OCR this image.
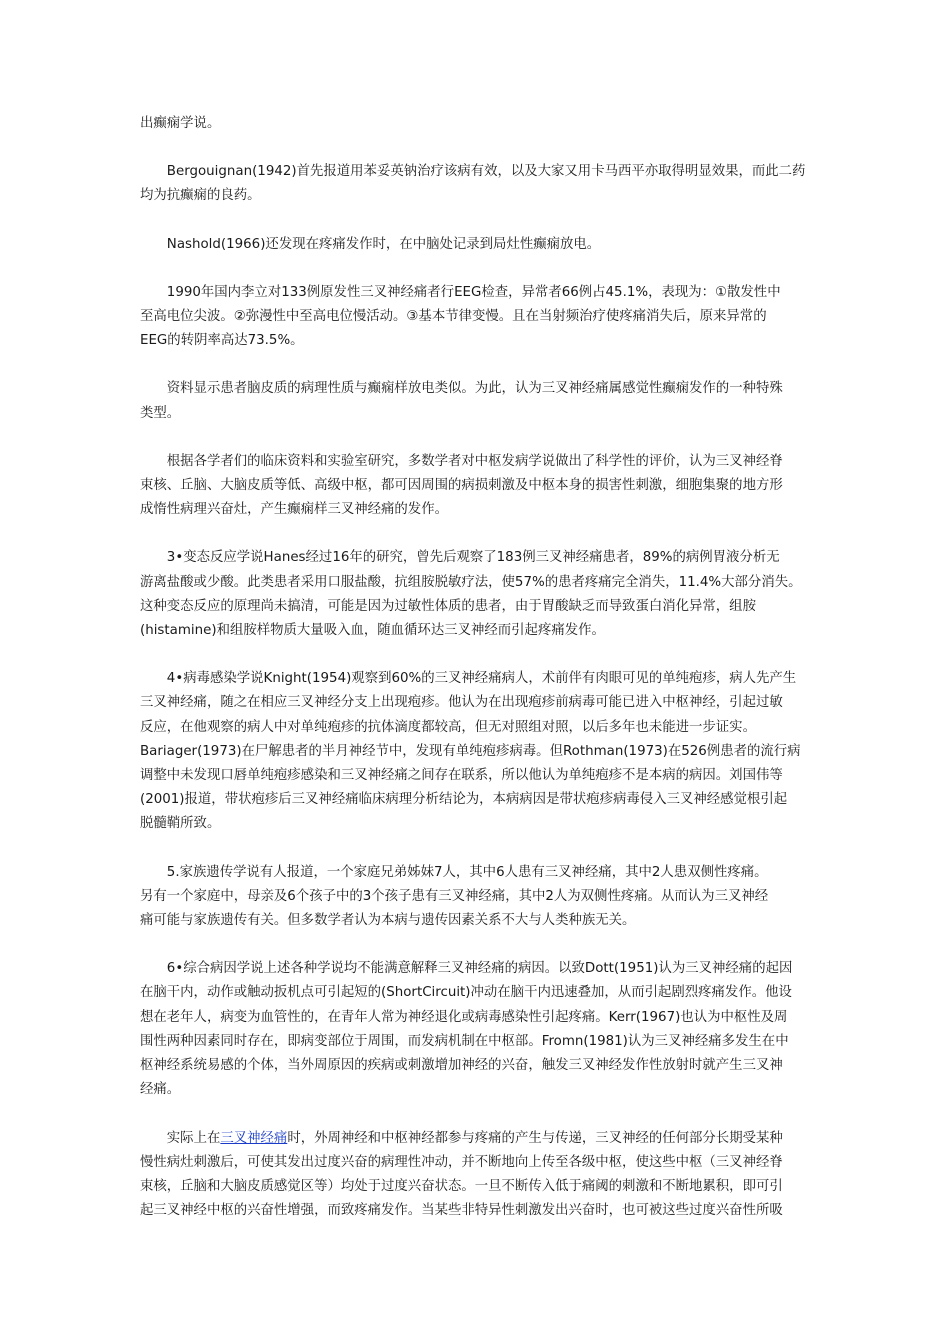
出癫痫学说。

Bergouignan(1942)首先报道用苯妥英钠治疗该病有效，以及大家又用卡马西平亦取得明显效果，而此二药
均为抗癫痫的良药。

Nashold(1966)还发现在疼痛发作时，在中脑处记录到局灶性癫痫放电。

1990年国内李立对133例原发性三叉神经痛者行EEG检查，异常者66例占45.1%，表现为：①散发性中
至高电位尖波。②弥漫性中至高电位慢活动。③基本节律变慢。且在当射频治疗使疼痛消失后，原来异常的
EEG的转阴率高达73.5%。

资料显示患者脑皮质的病理性质与癫痫样放电类似。为此，认为三叉神经痛属感觉性癫痫发作的一种特殊
类型。

根据各学者们的临床资料和实验室研究，多数学者对中枢发病学说做出了科学性的评价，认为三叉神经脊
束核、丘脑、大脑皮质等低、高级中枢，都可因周围的病损刺激及中枢本身的损害性刺激，细胞集聚的地方形
成惰性病理兴奋灶，产生癫痫样三叉神经痛的发作。

3•变态反应学说Hanes经过16年的研究，曾先后观察了183例三叉神经痛患者，89%的病例胃液分析无
游离盐酸或少酸。此类患者采用口服盐酸，抗组胺脱敏疗法，使57%的患者疼痛完全消失，11.4%大部分消失。
这种变态反应的原理尚未搞清，可能是因为过敏性体质的患者，由于胃酸缺乏而导致蛋白消化异常，组胺
(histamine)和组胺样物质大量吸入血，随血循环达三叉神经而引起疼痛发作。

4•病毒感染学说Knight(1954)观察到60%的三叉神经痛病人，术前伴有肉眼可见的单纯疱疹，病人先产生
三叉神经痛，随之在相应三叉神经分支上出现疱疹。他认为在出现疱疹前病毒可能已进入中枢神经，引起过敏
反应，在他观察的病人中对单纯疱疹的抗体滴度都较高，但无对照组对照，以后多年也未能进一步证实。
Bariager(1973)在尸解患者的半月神经节中，发现有单纯疱疹病毒。但Rothman(1973)在526例患者的流行病
调整中未发现口唇单纯疱疹感染和三叉神经痛之间存在联系，所以他认为单纯疱疹不是本病的病因。刘国伟等
(2001)报道，带状疱疹后三叉神经痛临床病理分析结论为，本病病因是带状疱疹病毒侵入三叉神经感觉根引起
脱髓鞘所致。

5.家族遗传学说有人报道，一个家庭兄弟姊妹7人，其中6人患有三叉神经痛，其中2人患双侧性疼痛。
另有一个家庭中，母亲及6个孩子中的3个孩子患有三叉神经痛，其中2人为双侧性疼痛。从而认为三叉神经
痛可能与家族遗传有关。但多数学者认为本病与遗传因素关系不大与人类种族无关。

6•综合病因学说上述各种学说均不能满意解释三叉神经痛的病因。以致Dott(1951)认为三叉神经痛的起因
在脑干内，动作或触动扳机点可引起短的(ShortCircuit)冲动在脑干内迅速叠加，从而引起剧烈疼痛发作。他设
想在老年人，病变为血管性的，在青年人常为神经退化或病毒感染性引起疼痛。Kerr(1967)也认为中枢性及周
围性两种因素同时存在，即病变部位于周围，而发病机制在中枢部。Fromn(1981)认为三叉神经痛多发生在中
枢神经系统易感的个体，当外周原因的疾病或刺激增加神经的兴奋，触发三叉神经发作性放射时就产生三叉神
经痛。

实际上在三叉神经痛时，外周神经和中枢神经都参与疼痛的产生与传递，三叉神经的任何部分长期受某种
慢性病灶刺激后，可使其发出过度兴奋的病理性冲动，并不断地向上传至各级中枢，使这些中枢（三叉神经脊
束核，丘脑和大脑皮质感觉区等）均处于过度兴奋状态。一旦不断传入低于痛阈的刺激和不断地累积，即可引
起三叉神经中枢的兴奋性增强，而致疼痛发作。当某些非特异性刺激发出兴奋时，也可被这些过度兴奋性所吸
